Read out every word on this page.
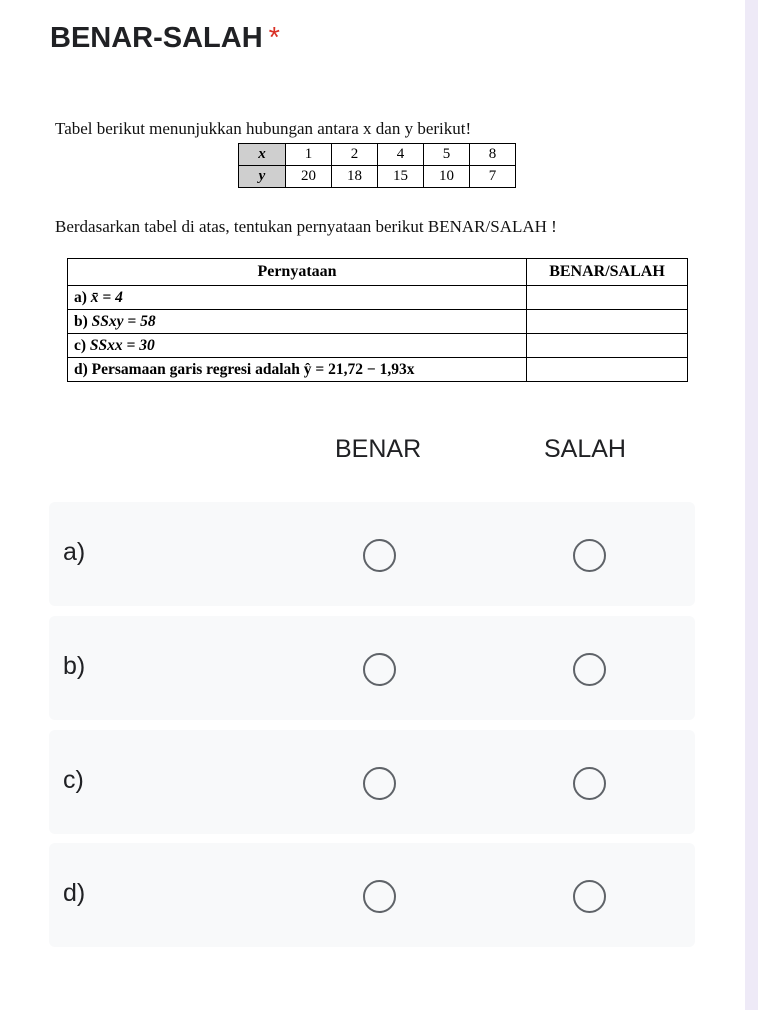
BENAR-SALAH *
Tabel berikut menunjukkan hubungan antara x dan y berikut!
x	1	2	4	5	8
y	20	18	15	10	7
Berdasarkan tabel di atas, tentukan pernyataan berikut BENAR/SALAH !
Pernyataan	BENAR/SALAH
a) x̄ = 4	
b) SSxy = 58	
c) SSxx = 30	
d) Persamaan garis regresi adalah ŷ = 21,72 − 1,93x	
BENAR	SALAH
a)
b)
c)
d)
